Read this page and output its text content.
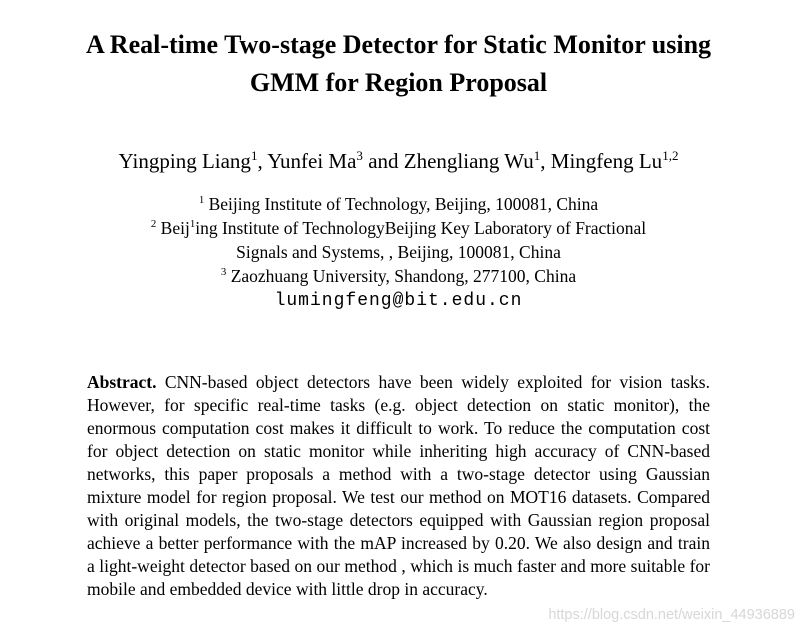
A Real-time Two-stage Detector for Static Monitor using
GMM for Region Proposal
Yingping Liang$^1$, Yunfei Ma$^3$ and Zhengliang Wu$^1$, Mingfeng Lu$^{1,2}$
$^1$ Beijing Institute of Technology, Beijing, 100081, China
$^2$ Beij$^1$ing Institute of TechnologyBeijing Key Laboratory of Fractional
Signals and Systems, , Beijing, 100081, China
$^3$ Zaozhuang University, Shandong, 277100, China
lumingfeng@bit.edu.cn

Abstract. CNN-based object detectors have been widely exploited for vision tasks. However, for specific real-time tasks (e.g. object detection on static monitor), the enormous computation cost makes it difficult to work. To reduce the computation cost for object detection on static monitor while inheriting high accuracy of CNN-based networks, this paper proposals a method with a two-stage detector using Gaussian mixture model for region proposal. We test our method on MOT16 datasets. Compared with original models, the two-stage detectors equipped with Gaussian region proposal achieve a better performance with the mAP increased by 0.20. We also design and train a light-weight detector based on our method , which is much faster and more suitable for mobile and embedded device with little drop in accuracy.

https://blog.csdn.net/weixin_44936889
